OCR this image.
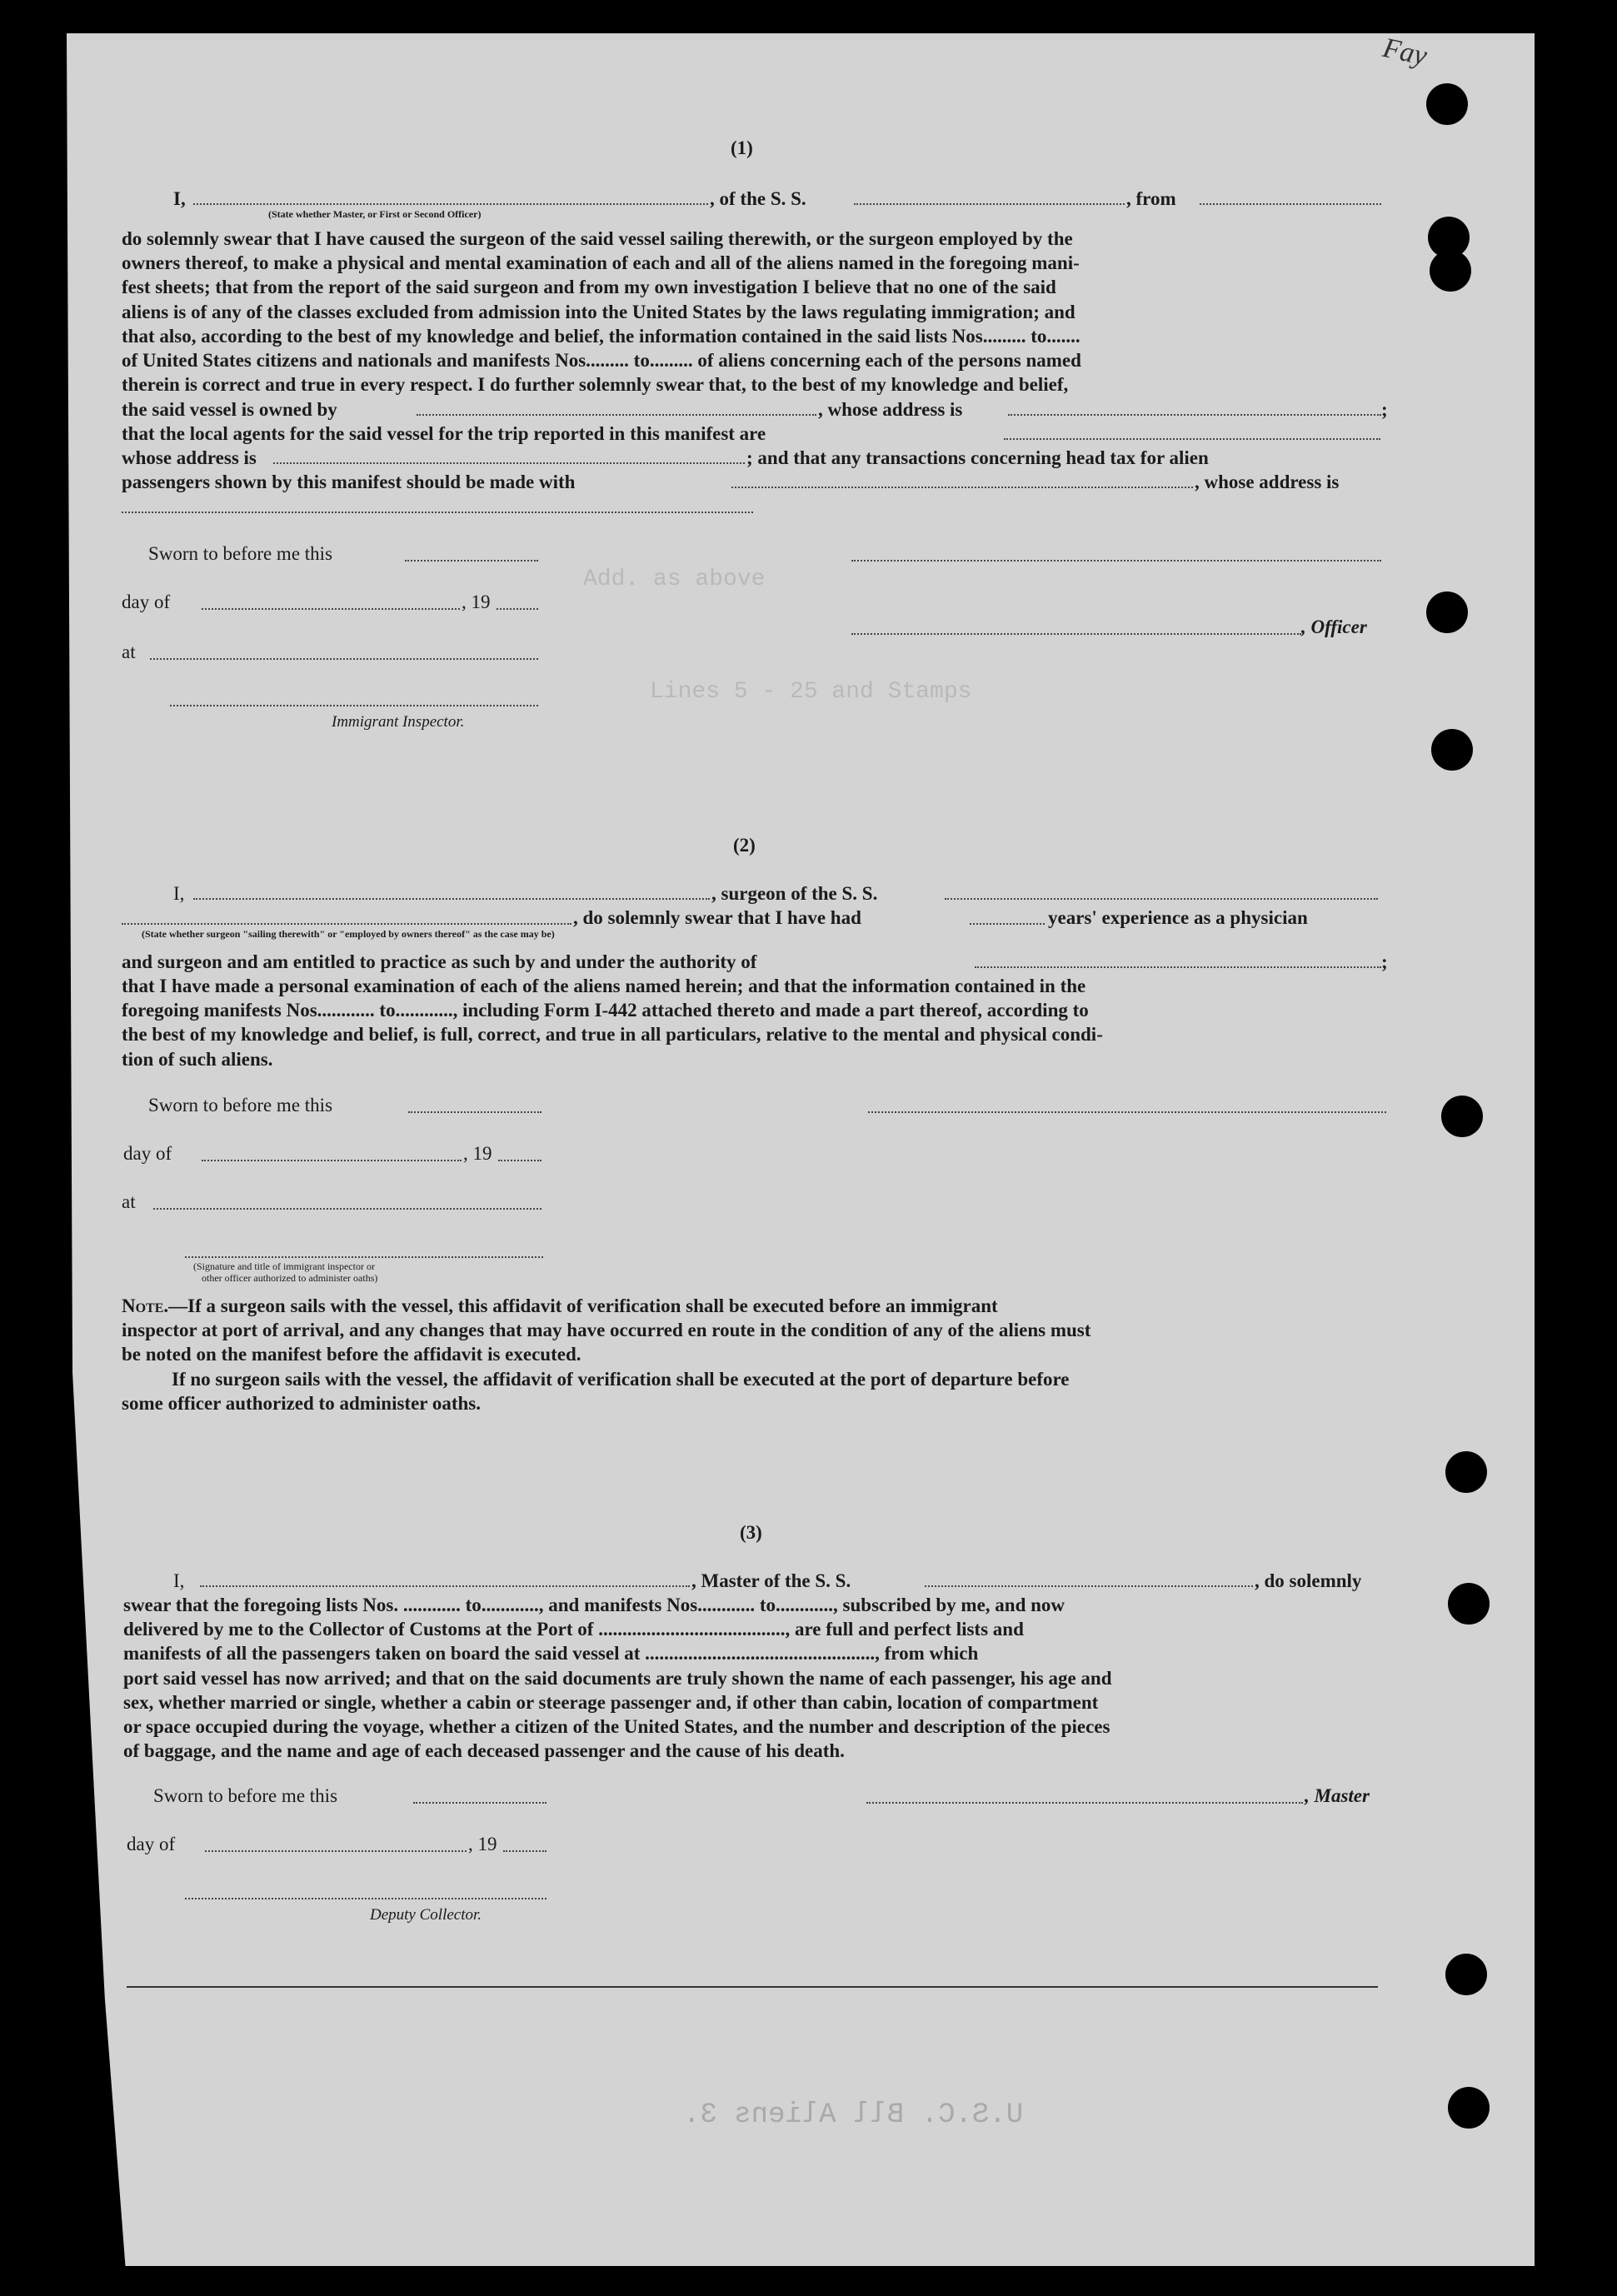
Add. as above
Lines 5 - 25 and Stamps
Fay
(1)
I,	, of the S. S.	, from
(State whether Master, or First or Second Officer)
do solemnly swear that I have caused the surgeon of the said vessel sailing therewith, or the surgeon employed by the
owners thereof, to make a physical and mental examination of each and all of the aliens named in the foregoing mani-
fest sheets; that from the report of the said surgeon and from my own investigation I believe that no one of the said
aliens is of any of the classes excluded from admission into the United States by the laws regulating immigration; and
that also, according to the best of my knowledge and belief, the information contained in the said lists Nos......... to.......
of United States citizens and nationals and manifests Nos......... to......... of aliens concerning each of the persons named
therein is correct and true in every respect. I do further solemnly swear that, to the best of my knowledge and belief,
the said vessel is owned by	, whose address is	;
that the local agents for the said vessel for the trip reported in this manifest are
whose address is	; and that any transactions concerning head tax for alien
passengers shown by this manifest should be made with	, whose address is
Sworn to before me this
day of	, 19
, Officer
at
Immigrant Inspector.
(2)
I,	, surgeon of the S. S.
, do solemnly swear that I have had	years' experience as a physician
(State whether surgeon "sailing therewith" or "employed by owners thereof" as the case may be)
and surgeon and am entitled to practice as such by and under the authority of	;
that I have made a personal examination of each of the aliens named herein; and that the information contained in the
foregoing manifests Nos............ to............, including Form I-442 attached thereto and made a part thereof, according to
the best of my knowledge and belief, is full, correct, and true in all particulars, relative to the mental and physical condi-
tion of such aliens.
Sworn to before me this
day of	, 19
at
(Signature and title of immigrant inspector or
other officer authorized to administer oaths)
Note.—If a surgeon sails with the vessel, this affidavit of verification shall be executed before an immigrant
inspector at port of arrival, and any changes that may have occurred en route in the condition of any of the aliens must
be noted on the manifest before the affidavit is executed.
If no surgeon sails with the vessel, the affidavit of verification shall be executed at the port of departure before
some officer authorized to administer oaths.
(3)
I,	, Master of the S. S.	, do solemnly
swear that the foregoing lists Nos. ............ to............, and manifests Nos............ to............, subscribed by me, and now
delivered by me to the Collector of Customs at the Port of ......................................., are full and perfect lists and
manifests of all the passengers taken on board the said vessel at ................................................, from which
port said vessel has now arrived; and that on the said documents are truly shown the name of each passenger, his age and
sex, whether married or single, whether a cabin or steerage passenger and, if other than cabin, location of compartment
or space occupied during the voyage, whether a citizen of the United States, and the number and description of the pieces
of baggage, and the name and age of each deceased passenger and the cause of his death.
Sworn to before me this	, Master
day of	, 19
Deputy Collector.
U.S.C. Bll Aliens 3.
